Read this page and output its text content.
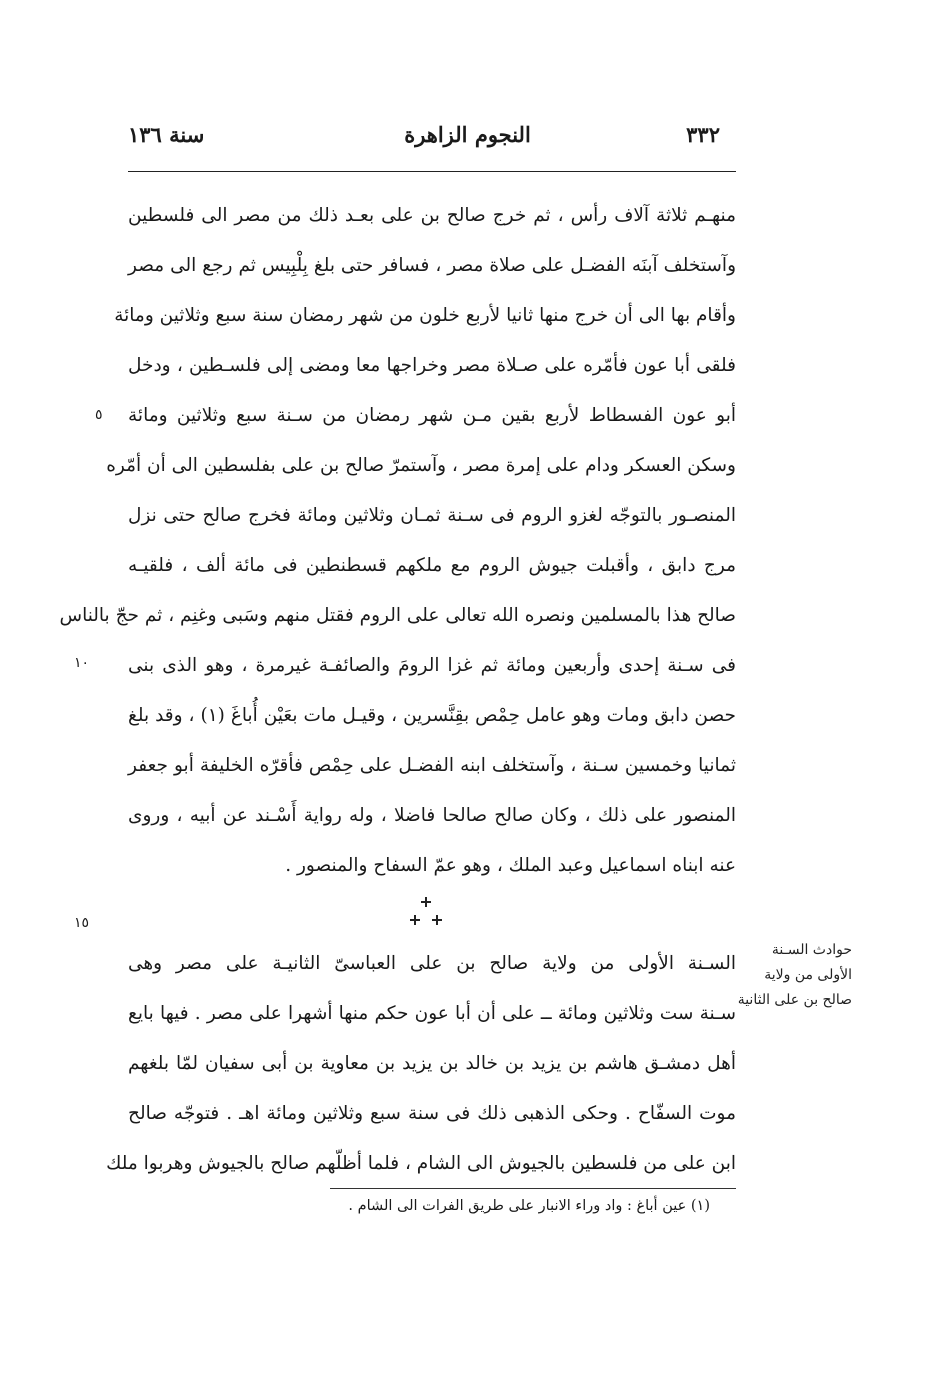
سنة ١٣٦	النجوم الزاهرة	٣٣٢
منهـم ثلاثة آلاف رأس ، ثم خرج صالح بن على بعـد ذلك من مصر الى فلسطين
وآستخلف آبنَه الفضـل على صلاة مصر ، فسافر حتى بلغ بِلْبِيس ثم رجع الى مصر
وأقام بها الى أن خرج منها ثانيا لأربع خلون من شهر رمضان سنة سبع وثلاثين ومائة
فلقى أبا عون فأمّره على صـلاة مصر وخراجها معا ومضى إلى فلسـطين ، ودخل
أبو عون الفسطاط لأربع بقين مـن شهر رمضان من سـنة سبع وثلاثين ومائة
وسكن العسكر ودام على إمرة مصر ، وآستمرّ صالح بن على بفلسطين الى أن أمّره
المنصـور بالتوجّه لغزو الروم فى سـنة ثمـان وثلاثين ومائة فخرج صالح حتى نزل
مرج دابق ، وأقبلت جيوش الروم مع ملكهم قسطنطين فى مائة ألف ، فلقيـه
صالح هذا بالمسلمين ونصره الله تعالى على الروم فقتل منهم وسَبى وغنِم ، ثم حجّ بالناس
فى سـنة إحدى وأربعين ومائة ثم غزا الرومَ والصائفـة غيرمرة ، وهو الذى بنى
حصن دابق ومات وهو عامل حِمْص بقِنَّسرين ، وقيـل مات بعَيْن أُباغَ (١) ، وقد بلغ
ثمانيا وخمسين سـنة ، وآستخلف ابنه الفضـل على حِمْص فأقرّه الخليفة أبو جعفر
المنصور على ذلك ، وكان صالح صالحا فاضلا ، وله رواية أَسْـند عن أبيه ، وروى
عنه ابناه اسماعيل وعبد الملك ، وهو عمّ السفاح والمنصور .
٥
١٠
١٥
السـنة الأولى من ولاية صالح بن على العباسىّ الثانيـة على مصر وهى
سـنة ست وثلاثين ومائة ــ على أن أبا عون حكم منها أشهرا على مصر . فيها بايع
أهل دمشـق هاشم بن يزيد بن خالد بن يزيد بن معاوية بن أبى سفيان لمّا بلغهم
موت السفّاح . وحكى الذهبى ذلك فى سنة سبع وثلاثين ومائة اهـ . فتوجّه صالح
ابن على من فلسطين بالجيوش الى الشام ، فلما أظلّهم صالح بالجيوش وهربوا ملك
حوادث السـنة
الأولى من ولاية
صالح بن على الثانية
(١) عين أباغ : واد وراء الانبار على طريق الفرات الى الشام .
